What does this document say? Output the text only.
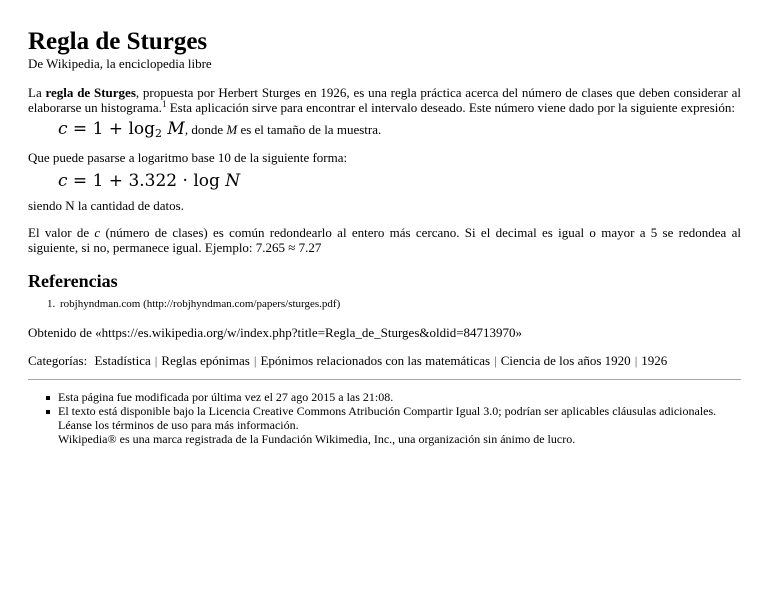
Regla de Sturges

De Wikipedia, la enciclopedia libre

La regla de Sturges, propuesta por Herbert Sturges en 1926, es una regla práctica acerca del número de clases que deben considerar al elaborarse un histograma.$^1$ Esta aplicación sirve para encontrar el intervalo deseado. Este número viene dado por la siguiente expresión:

$c = 1 + \log_2 M$, donde M es el tamaño de la muestra.

Que puede pasarse a logaritmo base 10 de la siguiente forma:

c = 1 + 3.322 · log N

siendo N la cantidad de datos.

El valor de c (número de clases) es común redondearlo al entero más cercano. Si el decimal es igual o mayor a 5 se redondea al siguiente, si no, permanece igual. Ejemplo: 7.265 ≈ 7.27

Referencias
1. robjhyndman.com (http://robjhyndman.com/papers/sturges.pdf)

Obtenido de «https://es.wikipedia.org/w/index.php?title=Regla_de_Sturges&oldid=84713970»

Categorías: Estadística | Reglas epónimas | Epónimos relacionados con las matemáticas | Ciencia de los años 1920 | 1926
Esta página fue modificada por última vez el 27 ago 2015 a las 21:08.
El texto está disponible bajo la Licencia Creative Commons Atribución Compartir Igual 3.0; podrían ser aplicables cláusulas adicionales. Léanse los términos de uso para más información.
Wikipedia® es una marca registrada de la Fundación Wikimedia, Inc., una organización sin ánimo de lucro.
